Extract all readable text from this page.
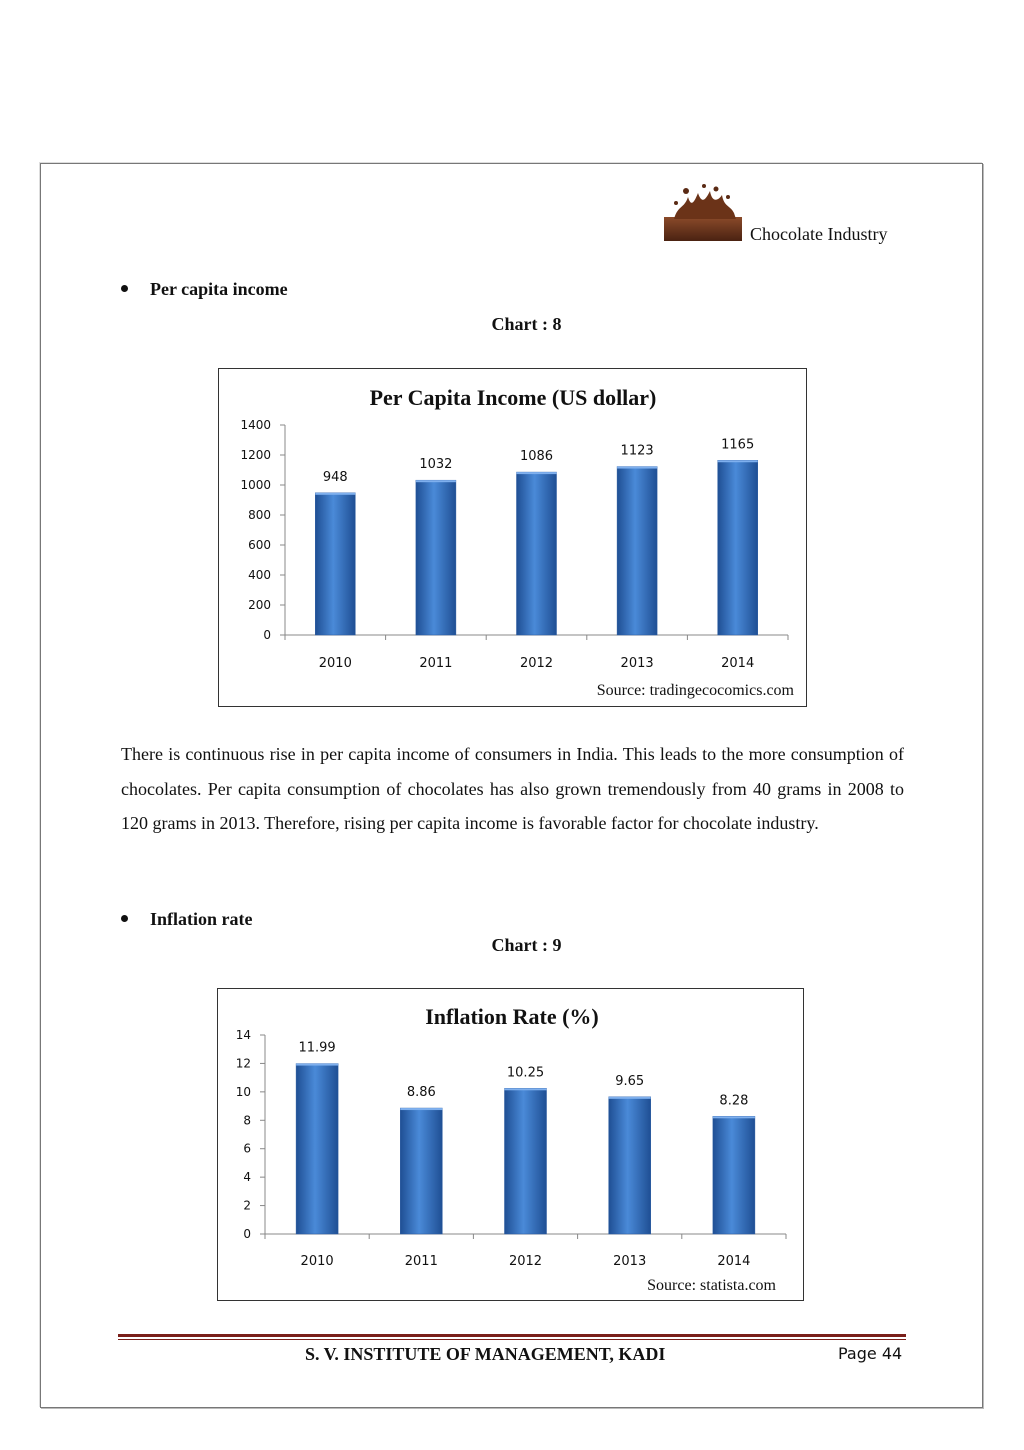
Chocolate Industry
Per capita income
Chart : 8
Per Capita Income (US dollar)
0
200
400
600
800
1000
1200
1400
948
2010
1032
2011
1086
2012
1123
2013
1165
2014
Source: tradingecocomics.com
There is continuous rise in per capita income of consumers in India. This leads to the more consumption of chocolates. Per capita consumption of chocolates has also grown tremendously from 40 grams in 2008 to 120 grams in 2013. Therefore, rising per capita income is favorable factor for chocolate industry.
Inflation rate
Chart : 9
Inflation Rate (%)
0
2
4
6
8
10
12
14
11.99
2010
8.86
2011
10.25
2012
9.65
2013
8.28
2014
Source: statista.com
S. V. INSTITUTE OF MANAGEMENT, KADI	Page 44
